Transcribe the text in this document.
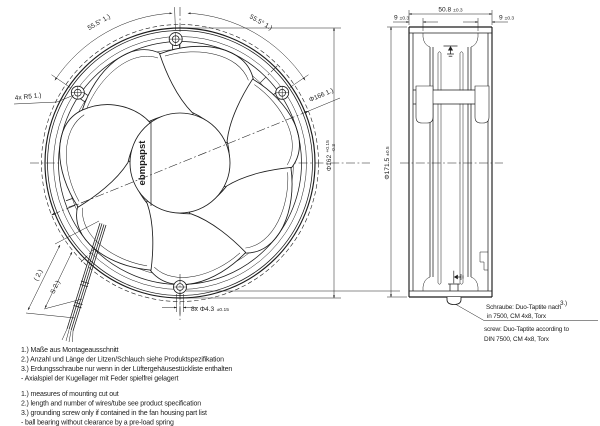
ebmpapst
55.5° 1.)	55.5° 1.)
4x R5 1.)	Φ166 1.)
Φ162
+0.15 -0.3
8x Φ4.3 ±0.15
( 2.)
S 2.)
50.8 ±0.3
9 ±0.3	9 ±0.3
Φ171.5±0.5
Schraube: Duo-Taptite nach
in 7500, CM 4x8, Torx
3.)
screw: Duo-Taptite according to
DIN 7500, CM 4x8, Torx
1.) Maße aus Montageausschnitt
2.) Anzahl und Länge der Litzen/Schlauch siehe Produktspezifikation
3.) Erdungsschraube nur wenn in der Lüftergehäusestückliste enthalten
- Axialspiel der Kugellager mit Feder spielfrei gelagert
1.) measures of mounting cut out
2.) length and number of wires/tube see product specification
3.) grounding screw only if contained in the fan housing part list
- ball bearing without clearance by a pre-load spring
